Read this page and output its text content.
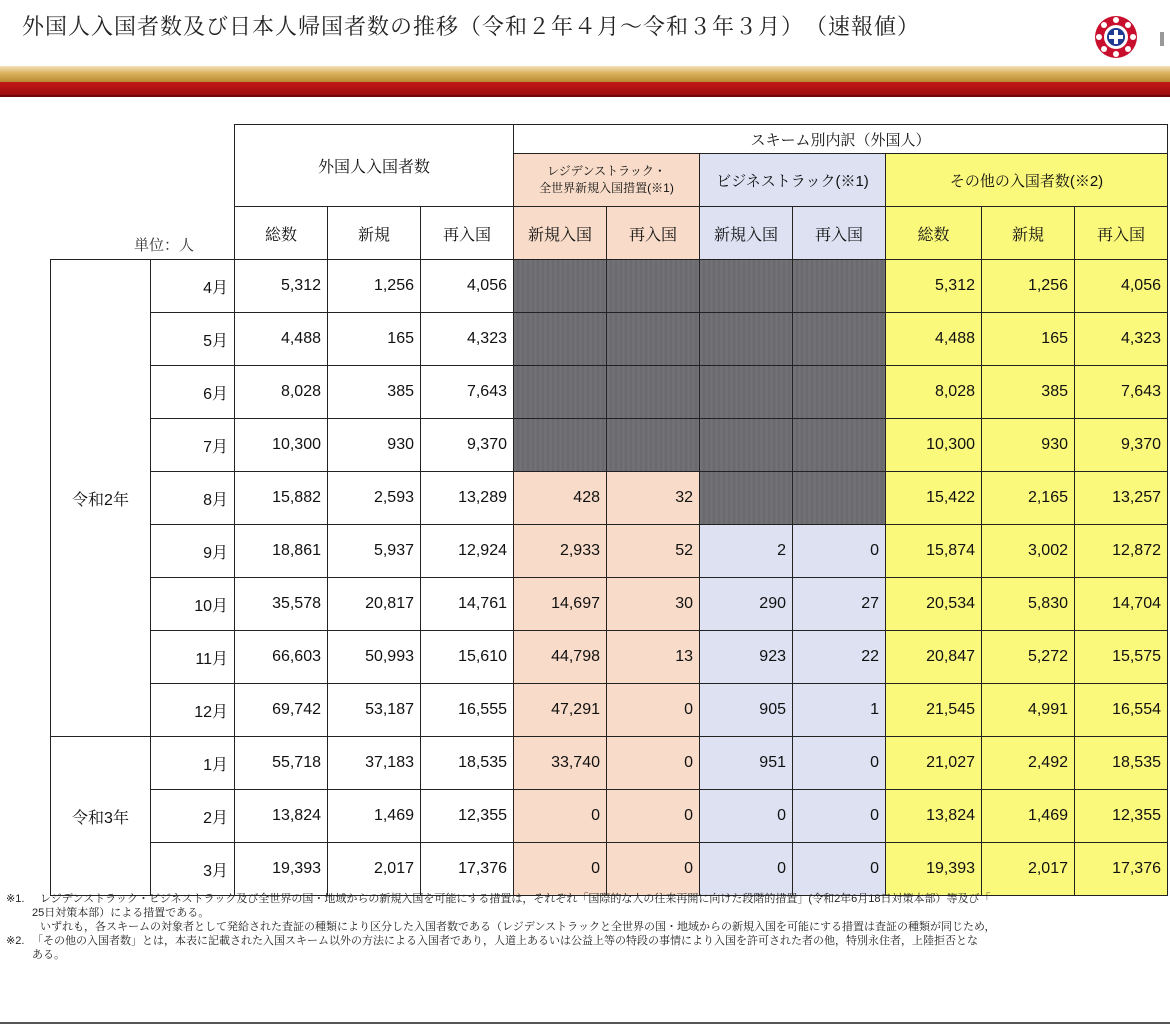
外国人入国者数及び日本人帰国者数の推移（令和２年４月～令和３年３月）　（速報値）
		外国人入国者数			スキーム別内訳（外国人）						
					レジデンストラック・
全世界新規入国措置(※1)		ビジネストラック(※1)		その他の入国者数(※2)		
単位：人		総数	新規	再入国	新規入国	再入国	新規入国	再入国	総数	新規	再入国
令和2年	4月	5,312	1,256	4,056					5,312	1,256	4,056
	5月	4,488	165	4,323					4,488	165	4,323
	6月	8,028	385	7,643					8,028	385	7,643
	7月	10,300	930	9,370					10,300	930	9,370
	8月	15,882	2,593	13,289	428	32			15,422	2,165	13,257
	9月	18,861	5,937	12,924	2,933	52	2	0	15,874	3,002	12,872
	10月	35,578	20,817	14,761	14,697	30	290	27	20,534	5,830	14,704
	11月	66,603	50,993	15,610	44,798	13	923	22	20,847	5,272	15,575
	12月	69,742	53,187	16,555	47,291	0	905	1	21,545	4,991	16,554
令和3年	1月	55,718	37,183	18,535	33,740	0	951	0	21,027	2,492	18,535
	2月	13,824	1,469	12,355	0	0	0	0	13,824	1,469	12,355
	3月	19,393	2,017	17,376	0	0	0	0	19,393	2,017	17,376
※1.	レジデンストラック・ビジネストラック及び全世界の国・地域からの新規入国を可能にする措置は，それぞれ「国際的な人の往来再開に向けた段階的措置」(令和2年6月18日対策本部）等及び「
25日対策本部）による措置である。
いずれも，各スキームの対象者として発給された査証の種類により区分した入国者数である（レジデンストラックと全世界の国・地域からの新規入国を可能にする措置は査証の種類が同じため，
※2. 「その他の入国者数」とは，本表に記載された入国スキーム以外の方法による入国者であり，人道上あるいは公益上等の特段の事情により入国を許可された者の他，特別永住者，上陸拒否とな
ある。
